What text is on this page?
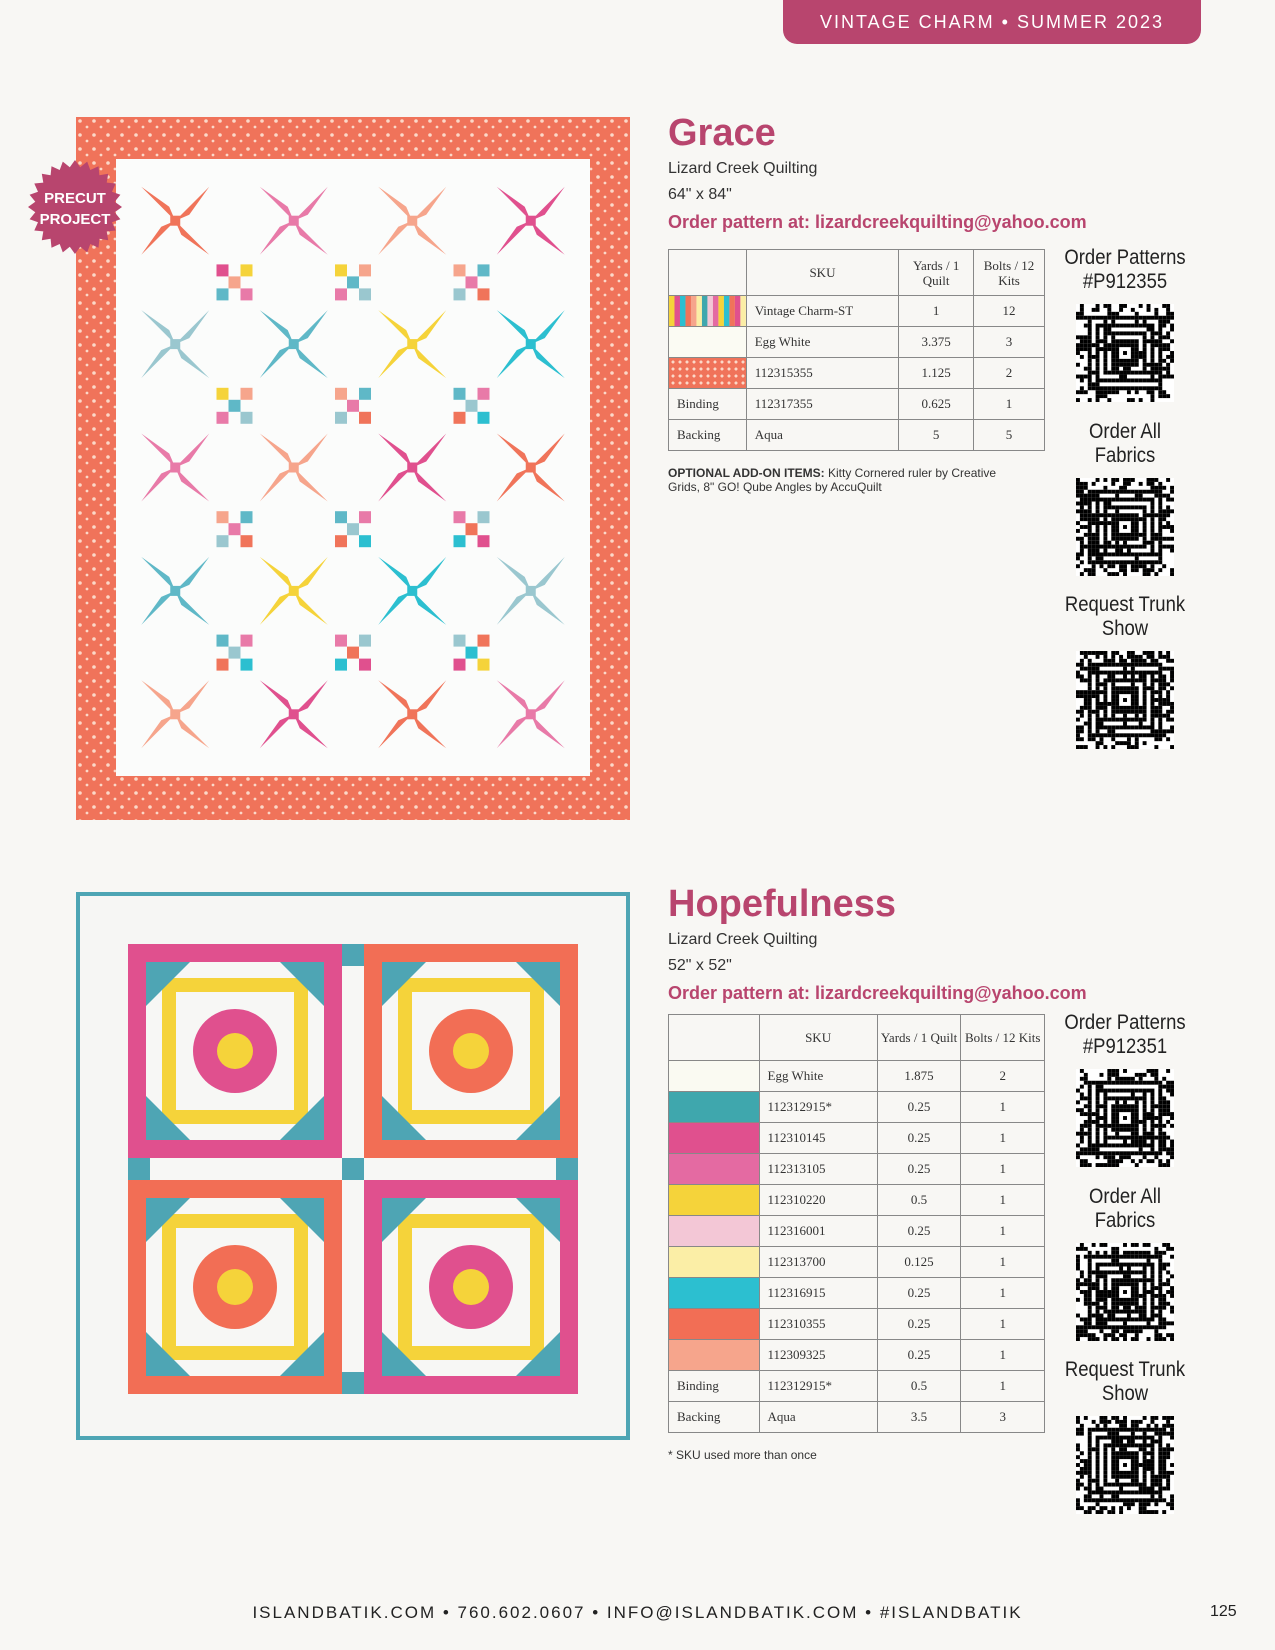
VINTAGE CHARM • SUMMER 2023
PRECUT
PROJECT
Grace
Lizard Creek Quilting
64" x 84"
Order pattern at: lizardcreekquilting@yahoo.com
	SKU	Yards / 1 Quilt	Bolts / 12 Kits

	Vintage Charm-ST	1	12
	Egg White	3.375	3
	112315355	1.125	2
Binding	112317355	0.625	1
Backing	Aqua	5	5
OPTIONAL ADD-ON ITEMS: Kitty Cornered ruler by Creative Grids, 8" GO! Qube Angles by AccuQuilt
Order Patterns
#P912355
Order All
Fabrics
Request Trunk
Show
Hopefulness
Lizard Creek Quilting
52" x 52"
Order pattern at: lizardcreekquilting@yahoo.com
	SKU	Yards / 1 Quilt	Bolts / 12 Kits
	Egg White	1.875	2
	112312915*	0.25	1
	112310145	0.25	1
	112313105	0.25	1
	112310220	0.5	1
	112316001	0.25	1
	112313700	0.125	1
	112316915	0.25	1
	112310355	0.25	1
	112309325	0.25	1
Binding	112312915*	0.5	1
Backing	Aqua	3.5	3
* SKU used more than once
Order Patterns
#P912351
Order All
Fabrics
Request Trunk
Show
ISLANDBATIK.COM • 760.602.0607 • INFO@ISLANDBATIK.COM • #ISLANDBATIK	125
